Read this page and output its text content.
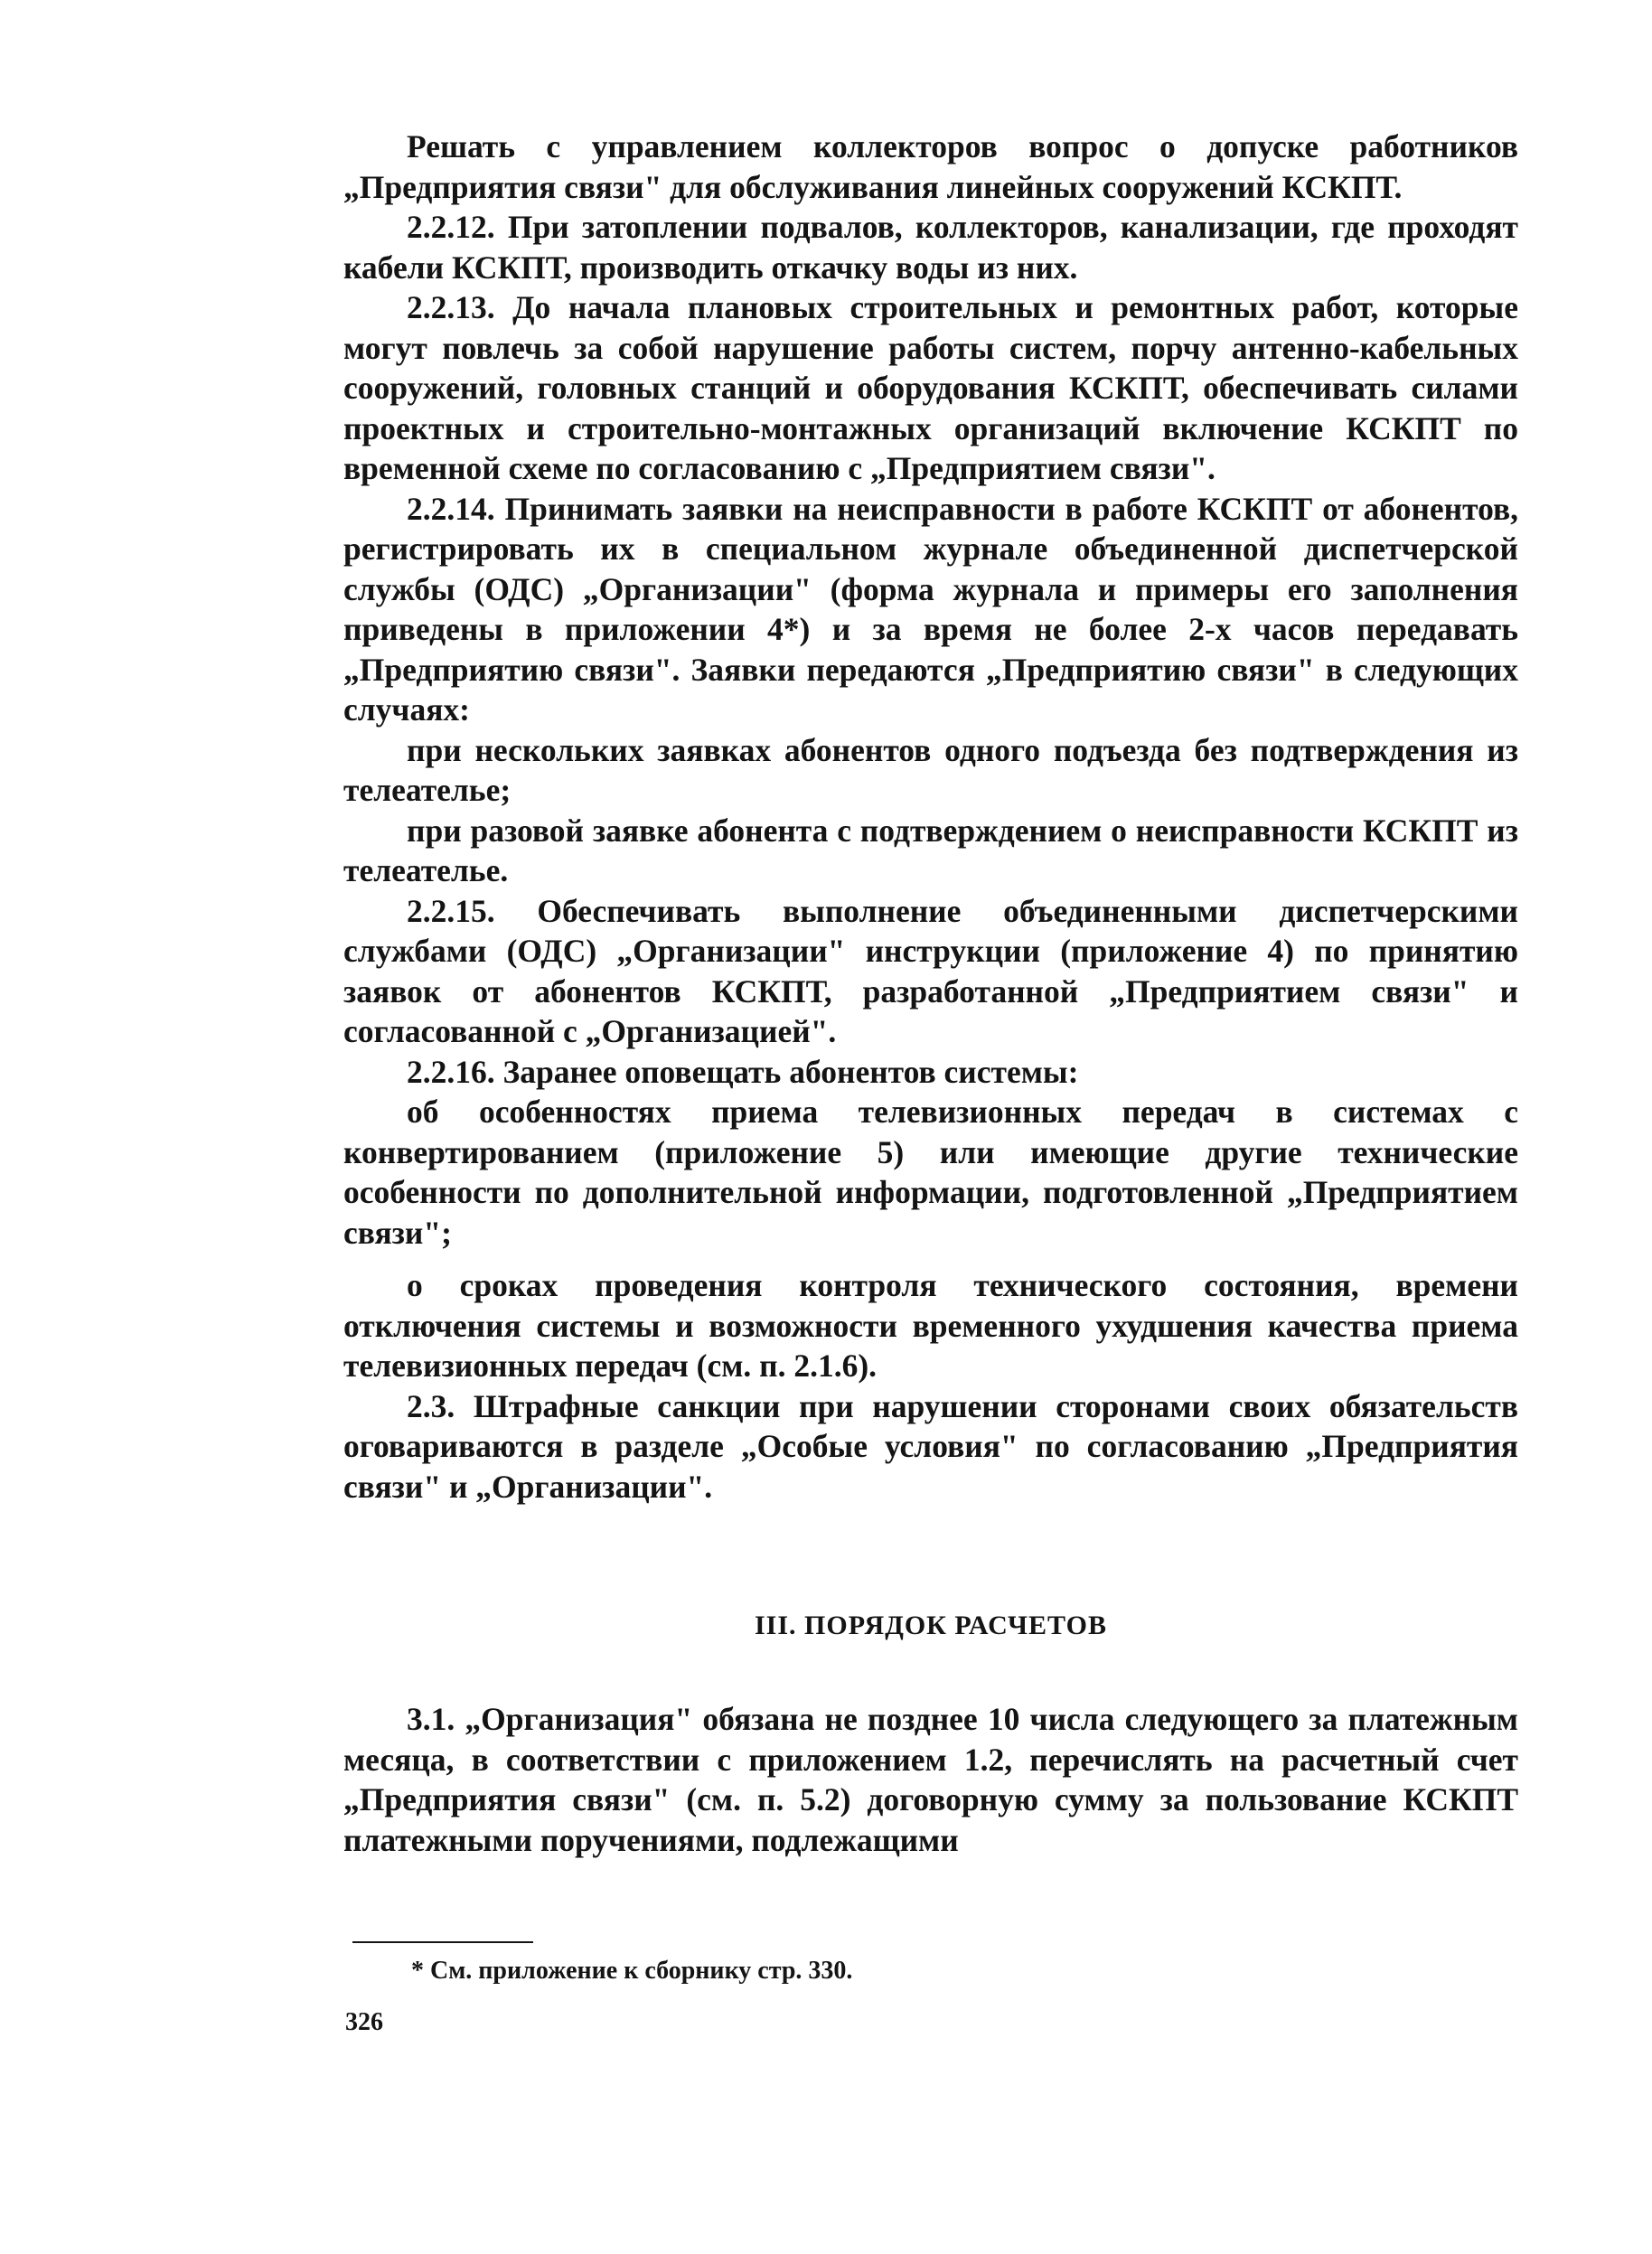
Решать с управлением коллекторов вопрос о допуске работников „Предприятия связи" для обслуживания линейных сооружений КСКПТ.

2.2.12. При затоплении подвалов, коллекторов, канализации, где проходят кабели КСКПТ, производить откачку воды из них.

2.2.13. До начала плановых строительных и ремонтных работ, которые могут повлечь за собой нарушение работы систем, порчу антенно-кабельных сооружений, головных станций и оборудования КСКПТ, обеспечивать силами проектных и строительно-монтажных организаций включение КСКПТ по временной схеме по согласованию с „Предприятием связи".

2.2.14. Принимать заявки на неисправности в работе КСКПТ от абонентов, регистрировать их в специальном журнале объединенной диспетчерской службы (ОДС) „Организации" (форма журнала и примеры его заполнения приведены в приложении 4*) и за время не более 2-х часов передавать „Предприятию связи". Заявки передаются „Предприятию связи" в следующих случаях:

при нескольких заявках абонентов одного подъезда без подтверждения из телеателье;

при разовой заявке абонента с подтверждением о неисправности КСКПТ из телеателье.

2.2.15. Обеспечивать выполнение объединенными диспетчерскими службами (ОДС) „Организации" инструкции (приложение 4) по принятию заявок от абонентов КСКПТ, разработанной „Предприятием связи" и согласованной с „Организацией".

2.2.16. Заранее оповещать абонентов системы:

об особенностях приема телевизионных передач в системах с конвертированием (приложение 5) или имеющие другие технические особенности по дополнительной информации, подготовленной „Предприятием связи";

о сроках проведения контроля технического состояния, времени отключения системы и возможности временного ухудшения качества приема телевизионных передач (см. п. 2.1.6).

2.3. Штрафные санкции при нарушении сторонами своих обязательств оговариваются в разделе „Особые условия" по согласованию „Предприятия связи" и „Организации".

III. ПОРЯДОК РАСЧЕТОВ

3.1. „Организация" обязана не позднее 10 числа следующего за платежным месяца, в соответствии с приложением 1.2, перечислять на расчетный счет „Предприятия связи" (см. п. 5.2) договорную сумму за пользование КСКПТ платежными поручениями, подлежащими

* См. приложение к сборнику стр. 330.
326
